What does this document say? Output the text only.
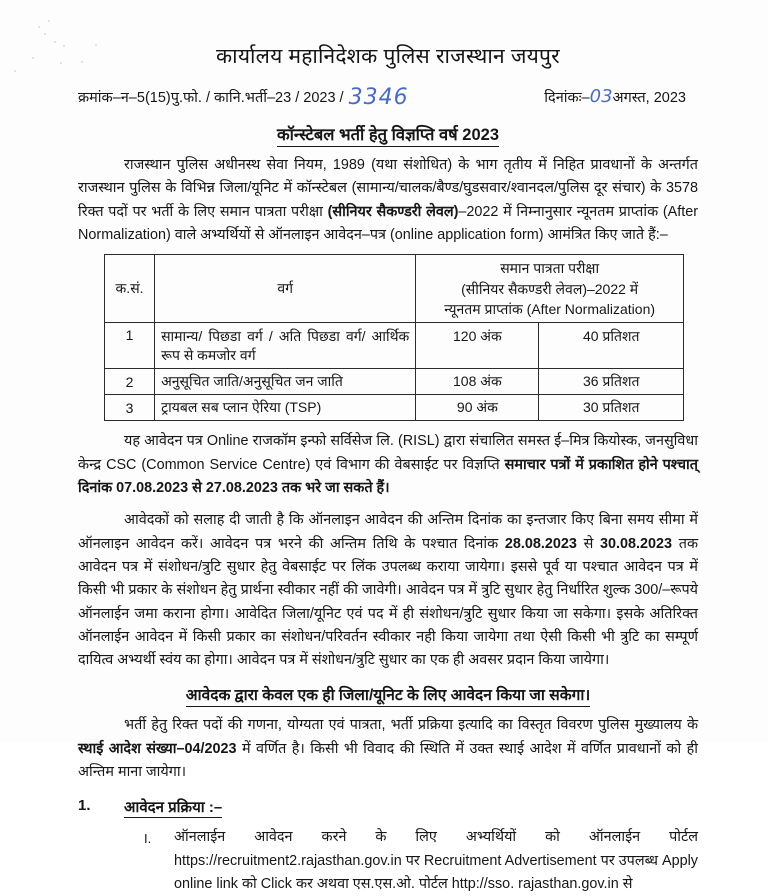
कार्यालय महानिदेशक पुलिस राजस्थान जयपुर
क्रमांक–न–5(15)पु.फो. / कानि.भर्ती–23 / 2023 / 3346	दिनांकः–03अगस्त, 2023
कॉन्स्टेबल भर्ती हेतु विज्ञप्ति वर्ष 2023

राजस्थान पुलिस अधीनस्थ सेवा नियम, 1989 (यथा संशोधित) के भाग तृतीय में निहित प्रावधानों के अन्तर्गत राजस्थान पुलिस के विभिन्न जिला/यूनिट में कॉन्स्टेबल (सामान्य/चालक/बैण्ड/घुडसवार/श्वानदल/पुलिस दूर संचार) के 3578 रिक्त पदों पर भर्ती के लिए समान पात्रता परीक्षा (सीनियर सैकण्डरी लेवल)–2022 में निम्नानुसार न्यूनतम प्राप्तांक (After Normalization) वाले अभ्यर्थियों से ऑनलाइन आवेदन–पत्र (online application form) आमंत्रित किए जाते हैं:–

क.सं.	वर्ग	समान पात्रता परीक्षा
(सीनियर सैकण्डरी लेवल)–2022 में
न्यूनतम प्राप्तांक (After Normalization)	

1	सामान्य/ पिछडा वर्ग / अति पिछडा वर्ग/ आर्थिक रूप से कमजोर वर्ग	120 अंक	40 प्रतिशत
2	अनुसूचित जाति/अनुसूचित जन जाति	108 अंक	36 प्रतिशत
3	ट्रायबल सब प्लान ऐरिया (TSP)	90 अंक	30 प्रतिशत

यह आवेदन पत्र Online राजकॉम इन्फो सर्विसेज लि. (RISL) द्वारा संचालित समस्त ई–मित्र कियोस्क, जनसुविधा केन्द्र CSC (Common Service Centre) एवं विभाग की वेबसाईट पर विज्ञप्ति समाचार पत्रों में प्रकाशित होने पश्चात् दिनांक 07.08.2023 से 27.08.2023 तक भरे जा सकते हैं।

आवेदकों को सलाह दी जाती है कि ऑनलाइन आवेदन की अन्तिम दिनांक का इन्तजार किए बिना समय सीमा में ऑनलाइन आवेदन करें। आवेदन पत्र भरने की अन्तिम तिथि के पश्चात दिनांक 28.08.2023 से 30.08.2023 तक आवेदन पत्र में संशोधन/त्रुटि सुधार हेतु वेबसाईट पर लिंक उपलब्ध कराया जायेगा। इससे पूर्व या पश्चात आवेदन पत्र में किसी भी प्रकार के संशोधन हेतु प्रार्थना स्वीकार नहीं की जावेगी। आवेदन पत्र में त्रुटि सुधार हेतु निर्धारित शुल्क 300/–रूपये ऑनलाईन जमा कराना होगा। आवेदित जिला/यूनिट एवं पद में ही संशोधन/त्रुटि सुधार किया जा सकेगा। इसके अतिरिक्त ऑनलाईन आवेदन में किसी प्रकार का संशोधन/परिवर्तन स्वीकार नही किया जायेगा तथा ऐसी किसी भी त्रुटि का सम्पूर्ण दायित्व अभ्यर्थी स्वंय का होगा। आवेदन पत्र में संशोधन/त्रुटि सुधार का एक ही अवसर प्रदान किया जायेगा।

आवेदक द्वारा केवल एक ही जिला/यूनिट के लिए आवेदन किया जा सकेगा।

भर्ती हेतु रिक्त पदों की गणना, योग्यता एवं पात्रता, भर्ती प्रक्रिया इत्यादि का विस्तृत विवरण पुलिस मुख्यालय के स्थाई आदेश संख्या–04/2023 में वर्णित है। किसी भी विवाद की स्थिति में उक्त स्थाई आदेश में वर्णित प्रावधानों को ही अन्तिम माना जायेगा।

1.	आवेदन प्रक्रिया :–
I.	ऑनलाईन आवेदन करने के लिए अभ्यर्थियों को ऑनलाईन पोर्टल https://recruitment2.rajasthan.gov.in पर Recruitment Advertisement पर उपलब्ध Apply online link को Click कर अथवा एस.एस.ओ. पोर्टल http://sso. rajasthan.gov.in से
